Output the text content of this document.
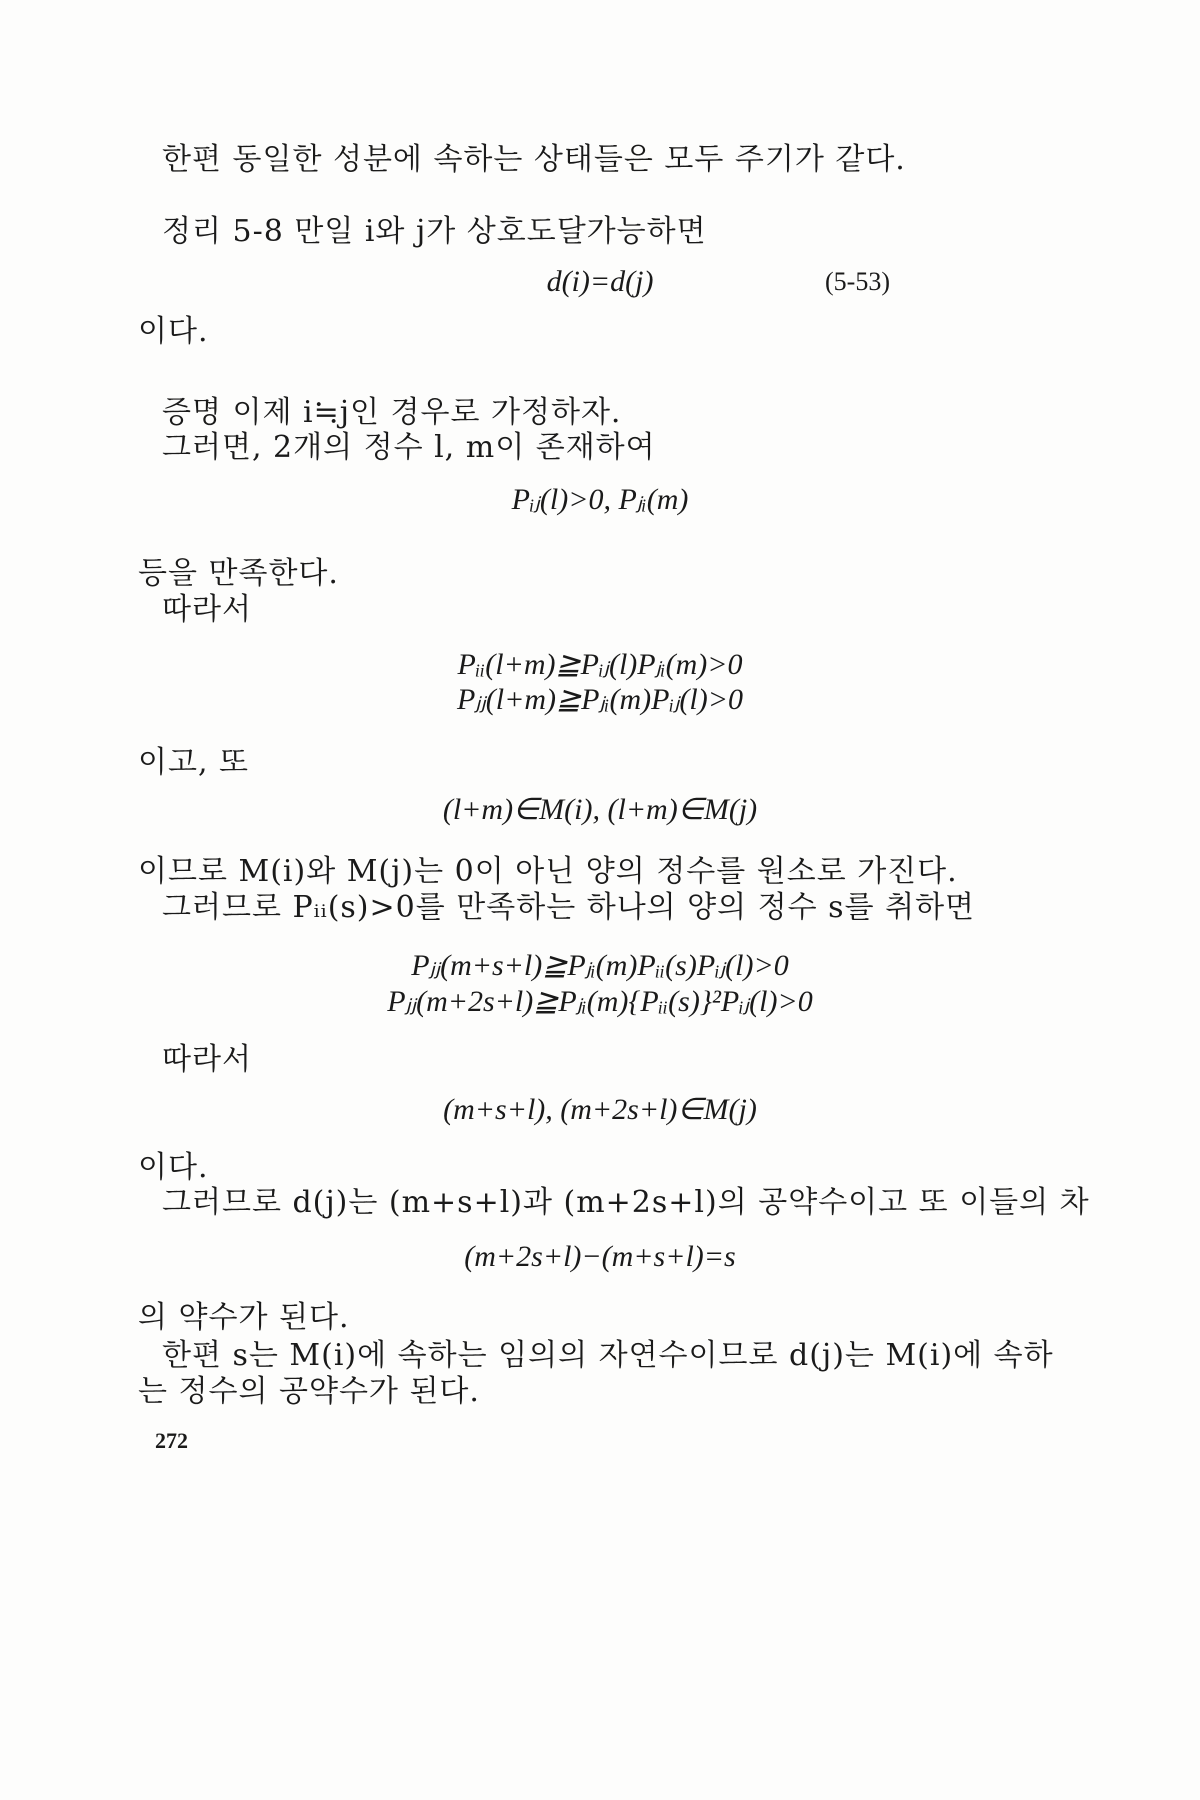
한편 동일한 성분에 속하는 상태들은 모두 주기가 같다.
정리 5-8 만일 i와 j가 상호도달가능하면
d(i)=d(j)	(5-53)
이다.
증명 이제 i≒j인 경우로 가정하자.
그러면, 2개의 정수 l, m이 존재하여
Pᵢⱼ(l)>0, Pⱼᵢ(m)
등을 만족한다.
따라서
Pᵢᵢ(l+m)≧Pᵢⱼ(l)Pⱼᵢ(m)>0
Pⱼⱼ(l+m)≧Pⱼᵢ(m)Pᵢⱼ(l)>0
이고, 또
(l+m)∈M(i), (l+m)∈M(j)
이므로 M(i)와 M(j)는 0이 아닌 양의 정수를 원소로 가진다.
그러므로 Pᵢᵢ(s)>0를 만족하는 하나의 양의 정수 s를 취하면
Pⱼⱼ(m+s+l)≧Pⱼᵢ(m)Pᵢᵢ(s)Pᵢⱼ(l)>0
Pⱼⱼ(m+2s+l)≧Pⱼᵢ(m){Pᵢᵢ(s)}²Pᵢⱼ(l)>0
따라서
(m+s+l), (m+2s+l)∈M(j)
이다.
그러므로 d(j)는 (m+s+l)과 (m+2s+l)의 공약수이고 또 이들의 차
(m+2s+l)−(m+s+l)=s
의 약수가 된다.
한편 s는 M(i)에 속하는 임의의 자연수이므로 d(j)는 M(i)에 속하
는 정수의 공약수가 된다.
272
